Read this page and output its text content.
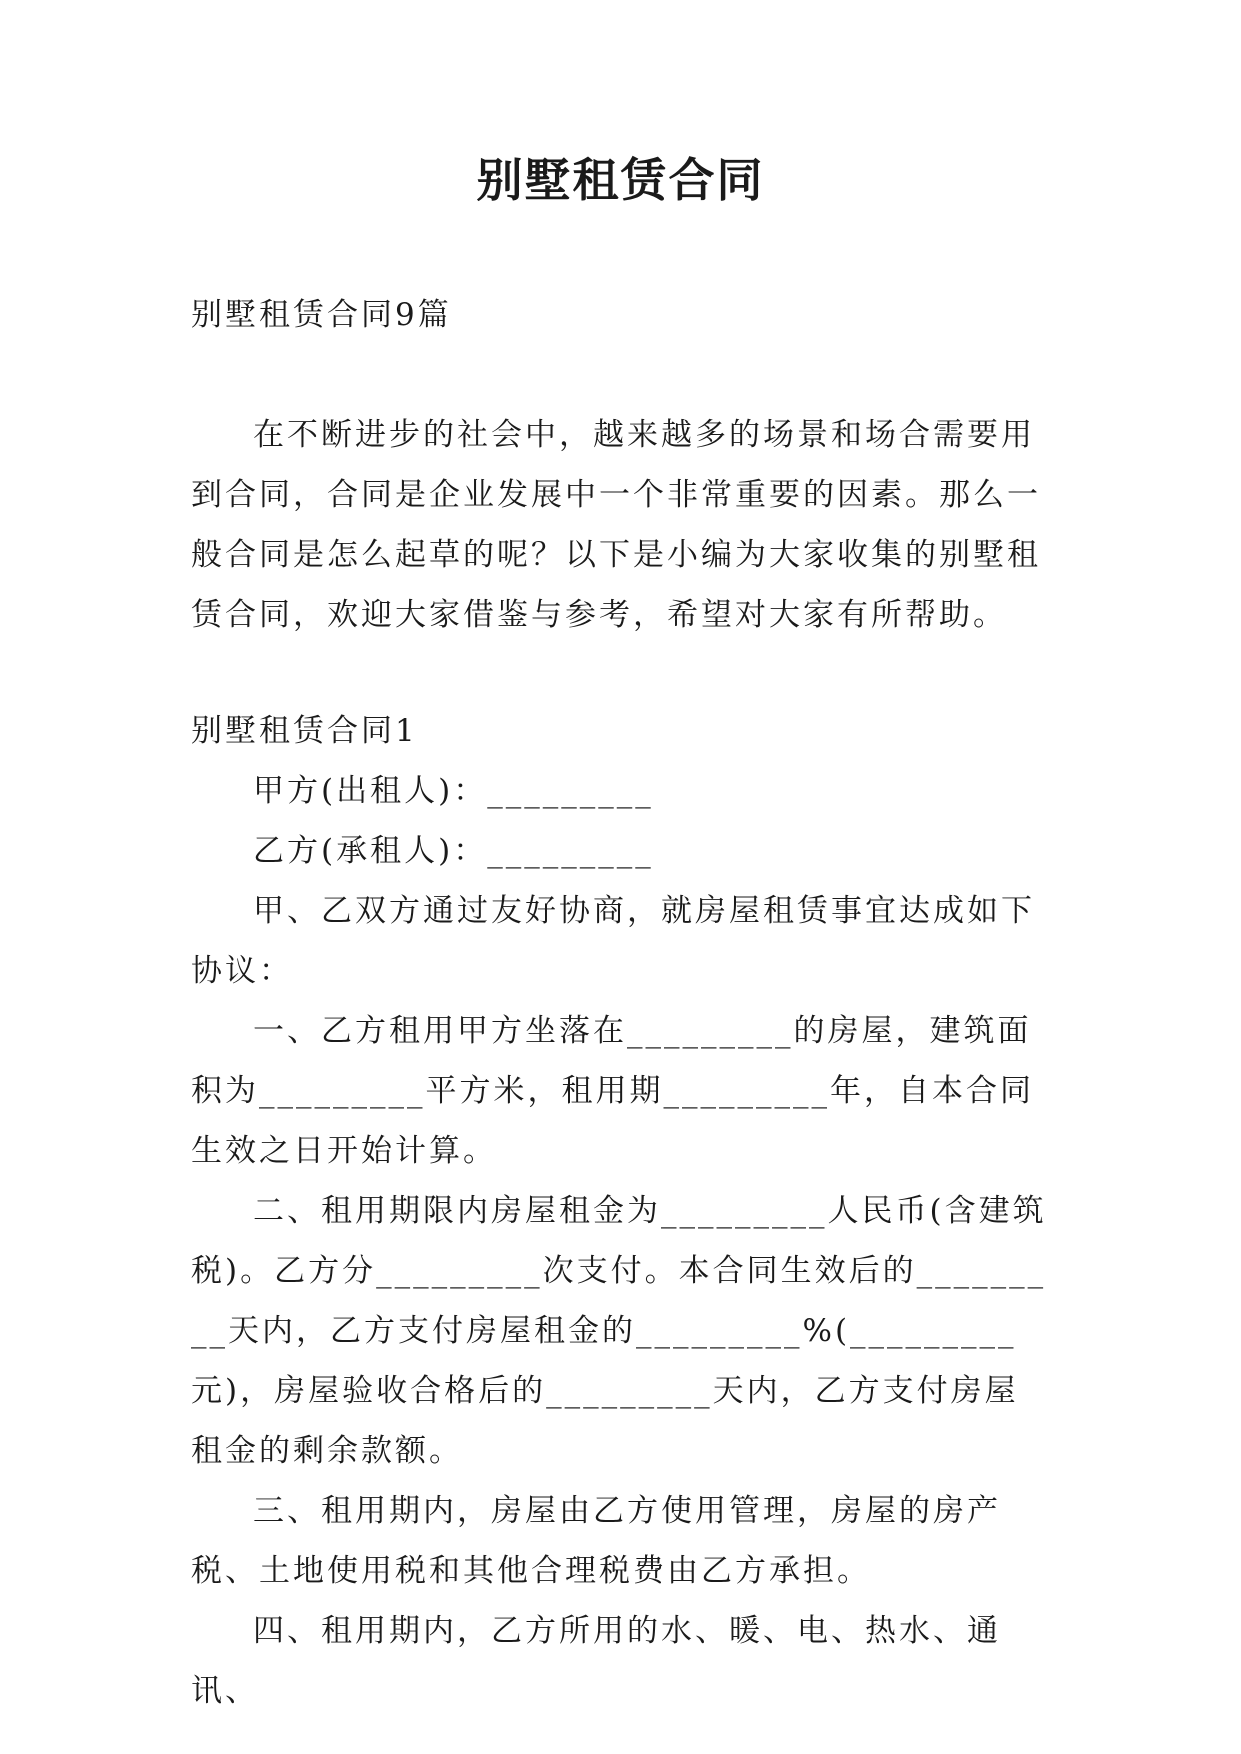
别墅租赁合同

别墅租赁合同9篇

在不断进步的社会中，越来越多的场景和场合需要用到合同，合同是企业发展中一个非常重要的因素。那么一般合同是怎么起草的呢？以下是小编为大家收集的别墅租赁合同，欢迎大家借鉴与参考，希望对大家有所帮助。

别墅租赁合同1

甲方(出租人)：_________

乙方(承租人)：_________

甲、乙双方通过友好协商，就房屋租赁事宜达成如下协议：

一、乙方租用甲方坐落在_________的房屋，建筑面积为_________平方米，租用期_________年，自本合同生效之日开始计算。

二、租用期限内房屋租金为_________人民币(含建筑税)。乙方分_________次支付。本合同生效后的_________天内，乙方支付房屋租金的_________%(_________元)，房屋验收合格后的_________天内，乙方支付房屋租金的剩余款额。

三、租用期内，房屋由乙方使用管理，房屋的房产税、土地使用税和其他合理税费由乙方承担。

四、租用期内，乙方所用的水、暖、电、热水、通讯、
